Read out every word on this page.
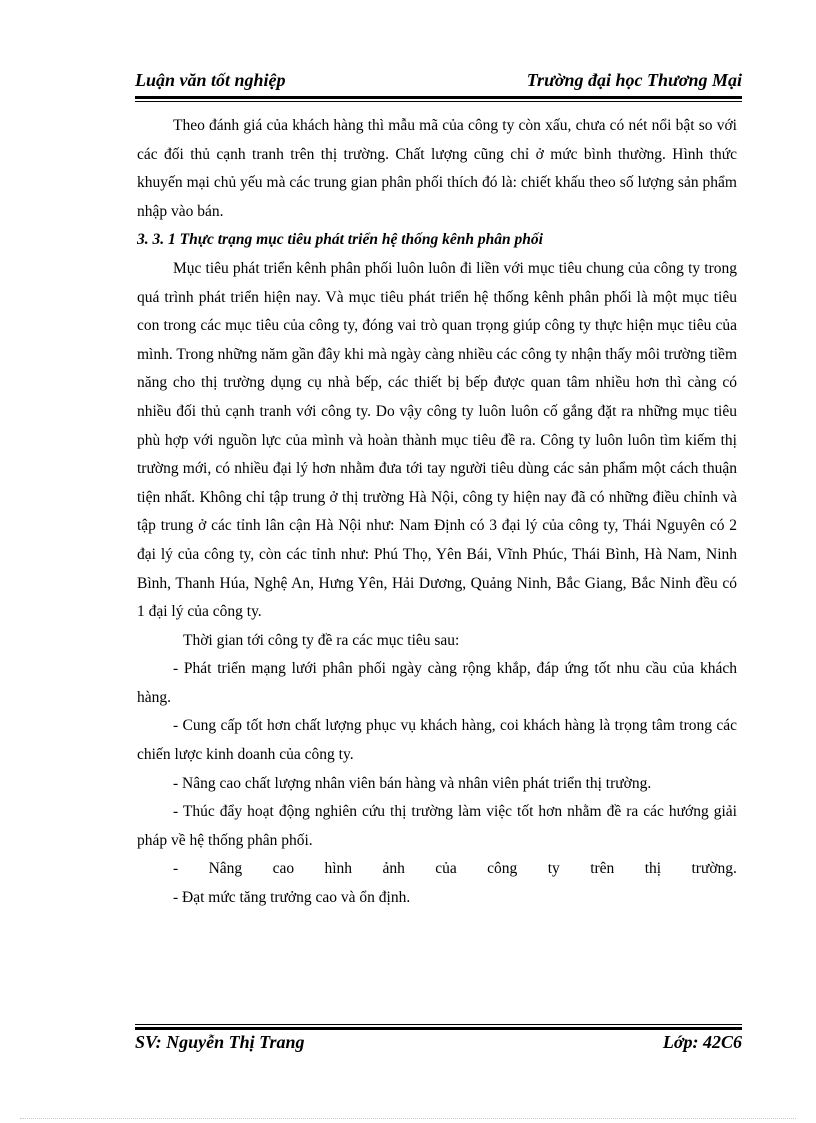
Luận văn tốt nghiệp	Trường đại học Thương Mại

Theo đánh giá của khách hàng thì mẫu mã của công ty còn xấu, chưa có nét nổi bật so với các đối thủ cạnh tranh trên thị trường. Chất lượng cũng chỉ ở mức bình thường. Hình thức khuyến mại chủ yếu mà các trung gian phân phối thích đó là: chiết khấu theo số lượng sản phẩm nhập vào bán.

3. 3. 1 Thực trạng mục tiêu phát triển hệ thống kênh phân phối

Mục tiêu phát triển kênh phân phối luôn luôn đi liền với mục tiêu chung của công ty trong quá trình phát triển hiện nay. Và mục tiêu phát triển hệ thống kênh phân phối là một mục tiêu con trong các mục tiêu của công ty, đóng vai trò quan trọng giúp công ty thực hiện mục tiêu của mình. Trong những năm gần đây khi mà ngày càng nhiều các công ty nhận thấy môi trường tiềm năng cho thị trường dụng cụ nhà bếp, các thiết bị bếp được quan tâm nhiều hơn thì càng có nhiều đối thủ cạnh tranh với công ty. Do vậy công ty luôn luôn cố gắng đặt ra những mục tiêu phù hợp với nguồn lực của mình và hoàn thành mục tiêu đề ra. Công ty luôn luôn tìm kiếm thị trường mới, có nhiều đại lý hơn nhằm đưa tới tay người tiêu dùng các sản phẩm một cách thuận tiện nhất. Không chỉ tập trung ở thị trường Hà Nội, công ty hiện nay đã có những điều chỉnh và tập trung ở các tỉnh lân cận Hà Nội như: Nam Định có 3 đại lý của công ty, Thái Nguyên có 2 đại lý của công ty, còn các tỉnh như: Phú Thọ, Yên Bái, Vĩnh Phúc, Thái Bình, Hà Nam, Ninh Bình, Thanh Húa, Nghệ An, Hưng Yên, Hải Dương, Quảng Ninh, Bắc Giang, Bắc Ninh đều có 1 đại lý của công ty.

Thời gian tới công ty đề ra các mục tiêu sau:

- Phát triển mạng lưới phân phối ngày càng rộng khắp, đáp ứng tốt nhu cầu của khách hàng.

- Cung cấp tốt hơn chất lượng phục vụ khách hàng, coi khách hàng là trọng tâm trong các chiến lược kinh doanh của công ty.

- Nâng cao chất lượng nhân viên bán hàng và nhân viên phát triển thị trường.

- Thúc đẩy hoạt động nghiên cứu thị trường làm việc tốt hơn nhằm đề ra các hướng giải pháp về hệ thống phân phối.

- Nâng cao hình ảnh của công ty trên thị trường.

- Đạt mức tăng trưởng cao và ổn định.

SV: Nguyễn Thị Trang	Lớp: 42C6
